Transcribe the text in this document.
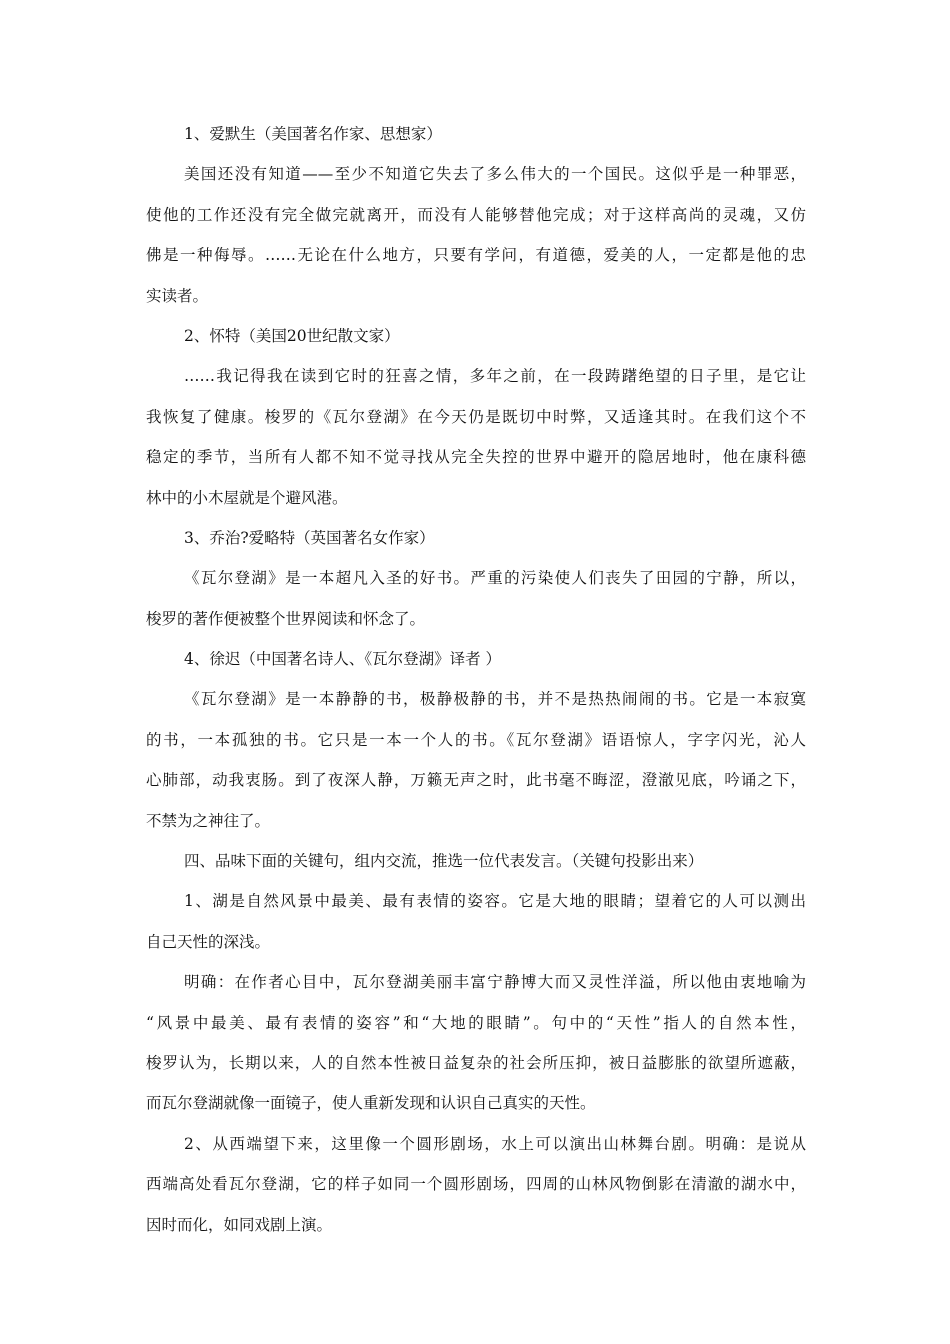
1、爱默生（美国著名作家、思想家）
美国还没有知道——至少不知道它失去了多么伟大的一个国民。这似乎是一种罪恶，
使他的工作还没有完全做完就离开，而没有人能够替他完成；对于这样高尚的灵魂，又仿
佛是一种侮辱。……无论在什么地方，只要有学问，有道德，爱美的人，一定都是他的忠
实读者。
2、怀特（美国20世纪散文家）
……我记得我在读到它时的狂喜之情，多年之前，在一段踌躇绝望的日子里，是它让
我恢复了健康。梭罗的《瓦尔登湖》在今天仍是既切中时弊，又适逢其时。在我们这个不
稳定的季节，当所有人都不知不觉寻找从完全失控的世界中避开的隐居地时，他在康科德
林中的小木屋就是个避风港。
3、乔治?爱略特（英国著名女作家）
《瓦尔登湖》是一本超凡入圣的好书。严重的污染使人们丧失了田园的宁静，所以，
梭罗的著作便被整个世界阅读和怀念了。
4、徐迟（中国著名诗人、《瓦尔登湖》译者 ）
《瓦尔登湖》是一本静静的书，极静极静的书，并不是热热闹闹的书。它是一本寂寞
的书，一本孤独的书。它只是一本一个人的书。《瓦尔登湖》语语惊人，字字闪光，沁人
心肺部，动我衷肠。到了夜深人静，万籁无声之时，此书毫不晦涩，澄澈见底，吟诵之下，
不禁为之神往了。
四、品味下面的关键句，组内交流，推选一位代表发言。（关键句投影出来）
1、湖是自然风景中最美、最有表情的姿容。它是大地的眼睛；望着它的人可以测出
自己天性的深浅。
明确：在作者心目中，瓦尔登湖美丽丰富宁静博大而又灵性洋溢，所以他由衷地喻为
“风景中最美、最有表情的姿容”和“大地的眼睛”。句中的“天性”指人的自然本性，
梭罗认为，长期以来，人的自然本性被日益复杂的社会所压抑，被日益膨胀的欲望所遮蔽，
而瓦尔登湖就像一面镜子，使人重新发现和认识自己真实的天性。
2、从西端望下来，这里像一个圆形剧场，水上可以演出山林舞台剧。明确：是说从
西端高处看瓦尔登湖，它的样子如同一个圆形剧场，四周的山林风物倒影在清澈的湖水中，
因时而化，如同戏剧上演。
